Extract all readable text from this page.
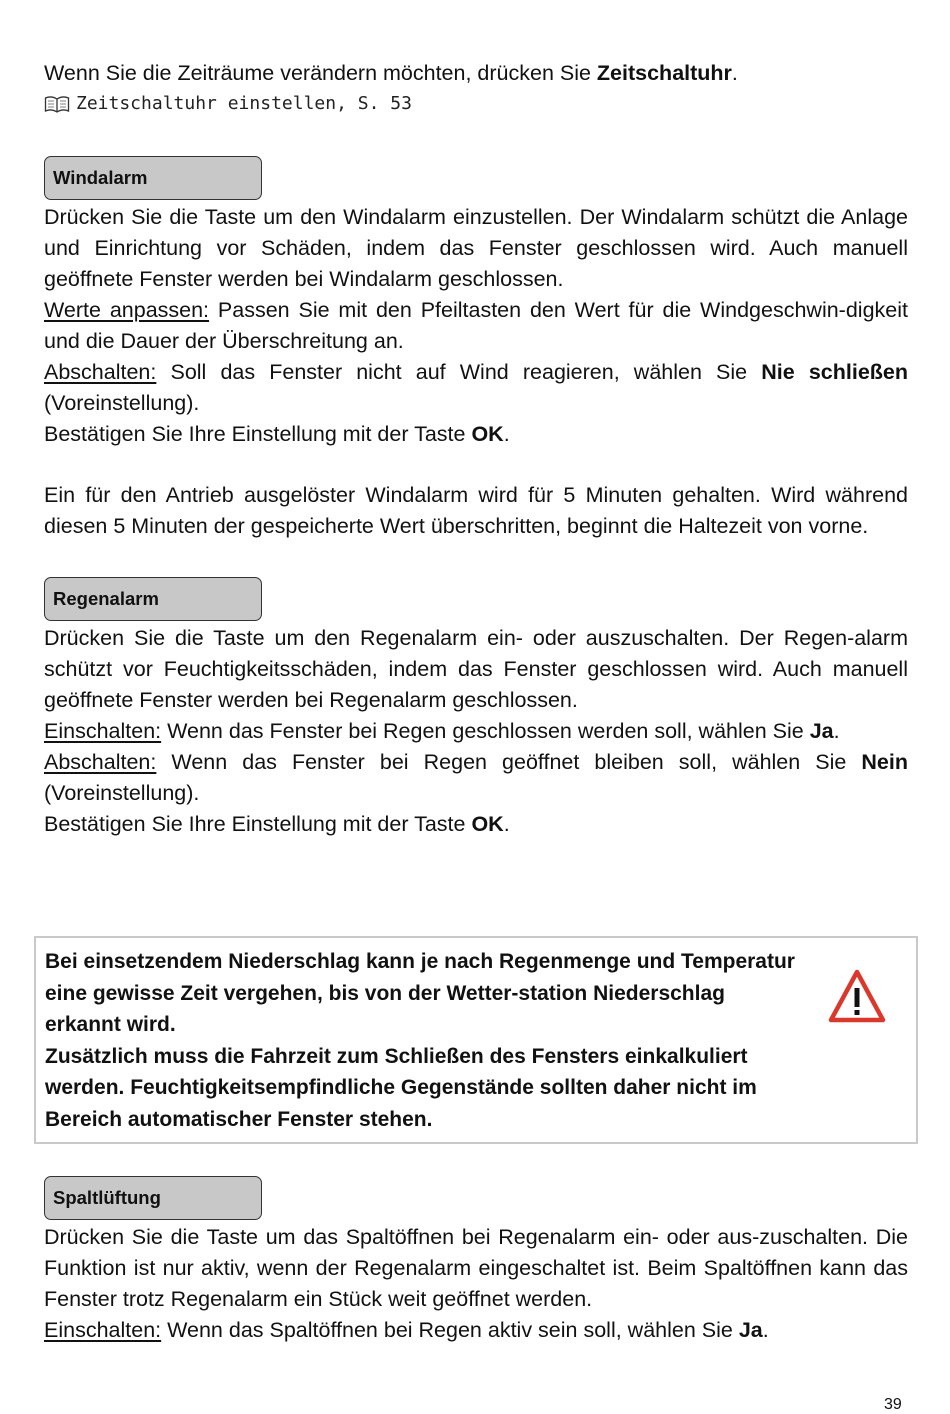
Wenn Sie die Zeiträume verändern möchten, drücken Sie Zeitschaltuhr.

Zeitschaltuhr einstellen, S. 53
Windalarm

Drücken Sie die Taste um den Windalarm einzustellen. Der Windalarm schützt die Anlage und Einrichtung vor Schäden, indem das Fenster geschlossen wird. Auch manuell geöffnete Fenster werden bei Windalarm geschlossen.

Werte anpassen: Passen Sie mit den Pfeiltasten den Wert für die Windgeschwin-digkeit und die Dauer der Überschreitung an.

Abschalten: Soll das Fenster nicht auf Wind reagieren, wählen Sie Nie schließen (Voreinstellung).

Bestätigen Sie Ihre Einstellung mit der Taste OK.

Ein für den Antrieb ausgelöster Windalarm wird für 5 Minuten gehalten. Wird während diesen 5 Minuten der gespeicherte Wert überschritten, beginnt die Haltezeit von vorne.

Regenalarm

Drücken Sie die Taste um den Regenalarm ein- oder auszuschalten. Der Regen-alarm schützt vor Feuchtigkeitsschäden, indem das Fenster geschlossen wird. Auch manuell geöffnete Fenster werden bei Regenalarm geschlossen.

Einschalten: Wenn das Fenster bei Regen geschlossen werden soll, wählen Sie Ja.

Abschalten: Wenn das Fenster bei Regen geöffnet bleiben soll, wählen Sie Nein (Voreinstellung).

Bestätigen Sie Ihre Einstellung mit der Taste OK.

Bei einsetzendem Niederschlag kann je nach Regenmenge und Temperatur eine gewisse Zeit vergehen, bis von der Wetter-station Niederschlag erkannt wird.

Zusätzlich muss die Fahrzeit zum Schließen des Fensters einkalkuliert werden. Feuchtigkeitsempfindliche Gegenstände sollten daher nicht im Bereich automatischer Fenster stehen.

Spaltlüftung

Drücken Sie die Taste um das Spaltöffnen bei Regenalarm ein- oder aus-zuschalten. Die Funktion ist nur aktiv, wenn der Regenalarm eingeschaltet ist. Beim Spaltöffnen kann das Fenster trotz Regenalarm ein Stück weit geöffnet werden.

Einschalten: Wenn das Spaltöffnen bei Regen aktiv sein soll, wählen Sie Ja.

39
